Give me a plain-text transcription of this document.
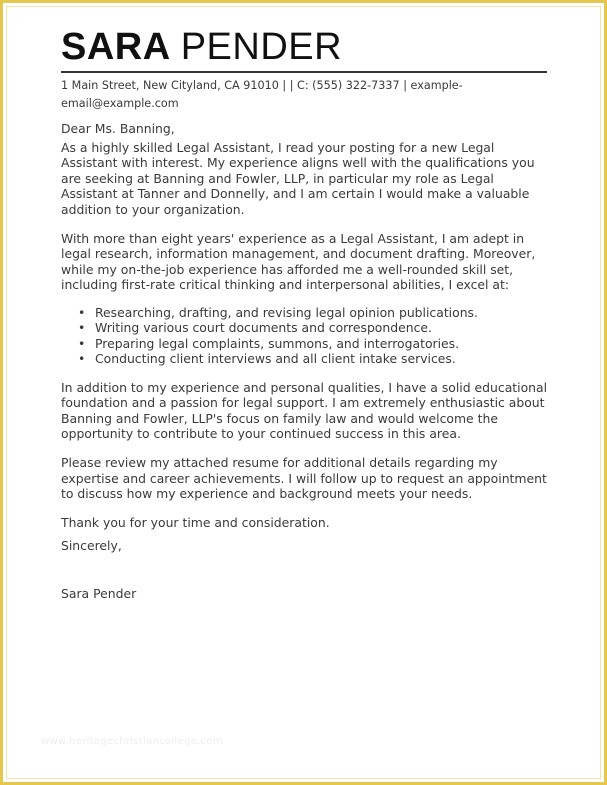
SARA PENDER
1 Main Street, New Cityland, CA 91010 | | C: (555) 322-7337 | example-email@example.com

Dear Ms. Banning,

As a highly skilled Legal Assistant, I read your posting for a new Legal Assistant with interest. My experience aligns well with the qualifications you are seeking at Banning and Fowler, LLP, in particular my role as Legal Assistant at Tanner and Donnelly, and I am certain I would make a valuable addition to your organization.

With more than eight years' experience as a Legal Assistant, I am adept in legal research, information management, and document drafting. Moreover, while my on-the-job experience has afforded me a well-rounded skill set, including first-rate critical thinking and interpersonal abilities, I excel at:

• Researching, drafting, and revising legal opinion publications.
• Writing various court documents and correspondence.
• Preparing legal complaints, summons, and interrogatories.
• Conducting client interviews and all client intake services.

In addition to my experience and personal qualities, I have a solid educational foundation and a passion for legal support. I am extremely enthusiastic about Banning and Fowler, LLP's focus on family law and would welcome the opportunity to contribute to your continued success in this area.

Please review my attached resume for additional details regarding my expertise and career achievements. I will follow up to request an appointment to discuss how my experience and background meets your needs.

Thank you for your time and consideration.

Sincerely,

Sara Pender

www.heritagechristiancollege.com
